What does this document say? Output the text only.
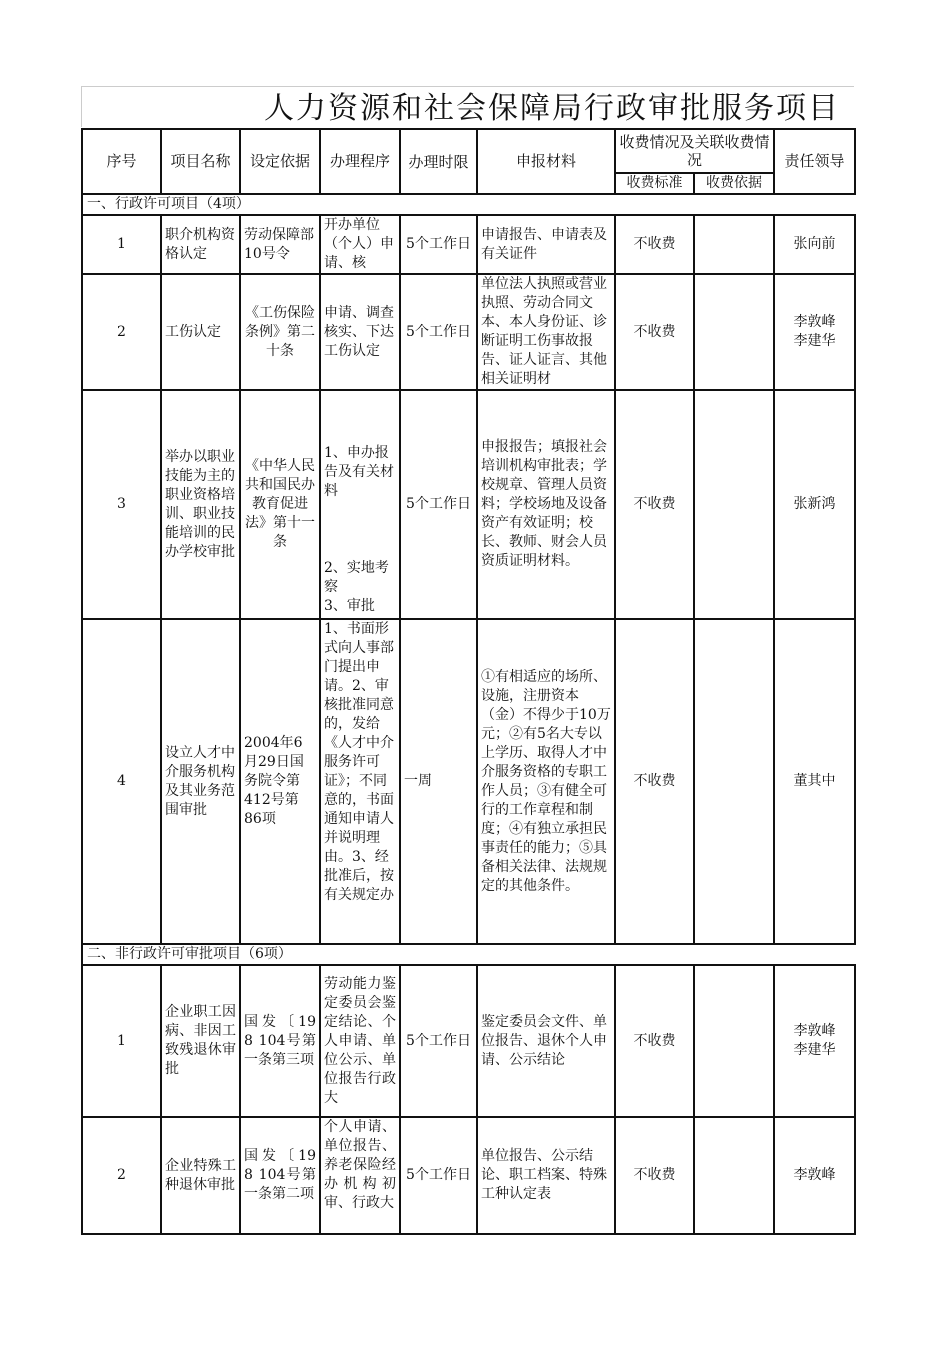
人力资源和社会保障局行政审批服务项目
序号	项目名称	设定依据	办理程序	办理时限	申报材料	收费情况及关联收费情况		责任领导
						收费标准	收费依据	
一、行政许可项目（4项）								
1	职介机构资格认定	劳动保障部10号令	开办单位（个人）申请、核	5个工作日	申请报告、申请表及有关证件	不收费		张向前
2	工伤认定	《工伤保险条例》第二十条	申请、调查核实、下达工伤认定	5个工作日	单位法人执照或营业执照、劳动合同文本、本人身份证、诊断证明工伤事故报告、证人证言、其他相关证明材	不收费		李敦峰
李建华
3	举办以职业技能为主的职业资格培训、职业技能培训的民办学校审批	《中华人民共和国民办教育促进法》第十一条	1、申办报告及有关材料
2、实地考察
3、审批	5个工作日	申报报告；填报社会培训机构审批表；学校规章、管理人员资料；学校场地及设备资产有效证明；校长、教师、财会人员资质证明材料。	不收费		张新鸿
4	设立人才中介服务机构及其业务范围审批	2004年6月29日国务院令第412号第86项	1、书面形式向人事部门提出申请。2、审核批准同意的，发给《人才中介服务许可证》；不同意的，书面通知申请人并说明理由。3、经批准后，按有关规定办	一周	①有相适应的场所、设施，注册资本（金）不得少于10万元；②有5名大专以上学历、取得人才中介服务资格的专职工作人员；③有健全可行的工作章程和制度；④有独立承担民事责任的能力；⑤具备相关法律、法规规定的其他条件。	不收费		董其中
二、非行政许可审批项目（6项）								
1	企业职工因病、非因工致残退休审批	国发〔19 8 104号第一条第三项	劳动能力鉴定委员会鉴定结论、个人申请、单位公示、单位报告行政大	5个工作日	鉴定委员会文件、单位报告、退休个人申请、公示结论	不收费		李敦峰
李建华
2	企业特殊工种退休审批	国发〔19 8 104号第一条第二项	个人申请、单位报告、养老保险经办机构初审、行政大	5个工作日	单位报告、公示结论、职工档案、特殊工种认定表	不收费		李敦峰
